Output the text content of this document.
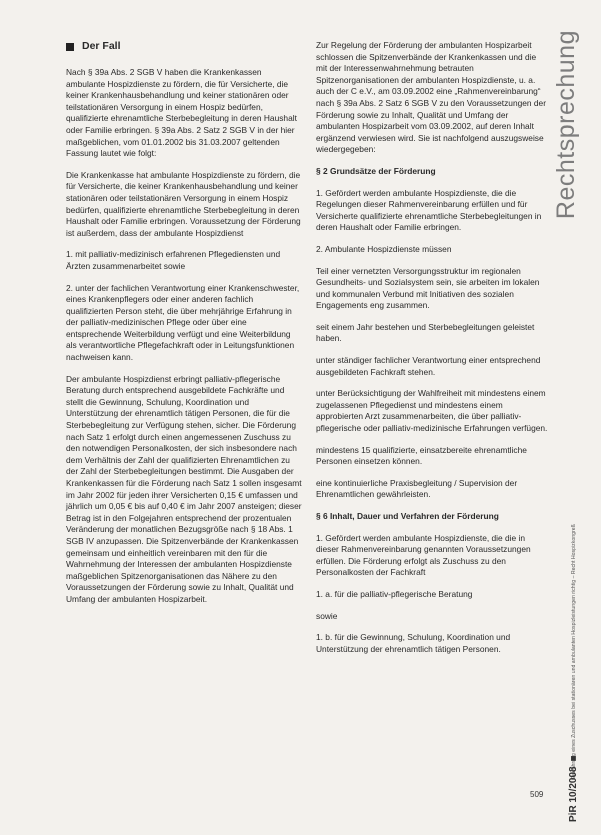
Der Fall

Nach § 39a Abs. 2 SGB V haben die Krankenkassen ambulante Hospizdienste zu fördern, die für Versicherte, die keiner Krankenhausbehandlung und keiner stationären oder teilstationären Versorgung in einem Hospiz bedürfen, qualifizierte ehrenamtliche Sterbebegleitung in deren Haushalt oder Familie erbringen. § 39a Abs. 2 Satz 2 SGB V in der hier maßgeblichen, vom 01.01.2002 bis 31.03.2007 geltenden Fassung lautet wie folgt:

Die Krankenkasse hat ambulante Hospizdienste zu fördern, die für Versicherte, die keiner Krankenhausbehandlung und keiner stationären oder teilstationären Versorgung in einem Hospiz bedürfen, qualifizierte ehrenamtliche Sterbebegleitung in deren Haushalt oder Familie erbringen. Voraussetzung der Förderung ist außerdem, dass der ambulante Hospizdienst

1. mit palliativ-medizinisch erfahrenen Pflegediensten und Ärzten zusammenarbeitet sowie

2. unter der fachlichen Verantwortung einer Krankenschwester, eines Krankenpflegers oder einer anderen fachlich qualifizierten Person steht, die über mehrjährige Erfahrung in der palliativ-medizinischen Pflege oder über eine entsprechende Weiterbildung verfügt und eine Weiterbildung als verantwortliche Pflegefachkraft oder in Leitungsfunktionen nachweisen kann.

Der ambulante Hospizdienst erbringt palliativ-pflegerische Beratung durch entsprechend ausgebildete Fachkräfte und stellt die Gewinnung, Schulung, Koordination und Unterstützung der ehrenamtlich tätigen Personen, die für die Sterbebegleitung zur Verfügung stehen, sicher. Die Förderung nach Satz 1 erfolgt durch einen angemessenen Zuschuss zu den notwendigen Personalkosten, der sich insbesondere nach dem Verhältnis der Zahl der qualifizierten Ehrenamtlichen zu der Zahl der Sterbebegleitungen bestimmt. Die Ausgaben der Krankenkassen für die Förderung nach Satz 1 sollen insgesamt im Jahr 2002 für jeden ihrer Versicherten 0,15 € umfassen und jährlich um 0,05 € bis auf 0,40 € im Jahr 2007 ansteigen; dieser Betrag ist in den Folgejahren entsprechend der prozentualen Veränderung der monatlichen Bezugsgröße nach § 18 Abs. 1 SGB IV anzupassen. Die Spitzenverbände der Krankenkassen gemeinsam und einheitlich vereinbaren mit den für die Wahrnehmung der Interessen der ambulanten Hospizdienste maßgeblichen Spitzenorganisationen das Nähere zu den Voraussetzungen der Förderung sowie zu Inhalt, Qualität und Umfang der ambulanten Hospizarbeit.

Zur Regelung der Förderung der ambulanten Hospizarbeit schlossen die Spitzenverbände der Krankenkassen und die mit der Interessenwahrnehmung betrauten Spitzenorganisationen der ambulanten Hospizdienste, u. a. auch der C e.V., am 03.09.2002 eine „Rahmenvereinbarung“ nach § 39a Abs. 2 Satz 6 SGB V zu den Voraussetzungen der Förderung sowie zu Inhalt, Qualität und Umfang der ambulanten Hospizarbeit vom 03.09.2002, auf deren Inhalt ergänzend verwiesen wird. Sie ist nachfolgend auszugsweise wiedergegeben:

§ 2 Grundsätze der Förderung

1. Gefördert werden ambulante Hospizdienste, die die Regelungen dieser Rahmenvereinbarung erfüllen und für Versicherte qualifizierte ehrenamtliche Sterbebegleitungen in deren Haushalt oder Familie erbringen.

2. Ambulante Hospizdienste müssen

Teil einer vernetzten Versorgungsstruktur im regionalen Gesundheits- und Sozialsystem sein, sie arbeiten im lokalen und kommunalen Verbund mit Initiativen des sozialen Engagements eng zusammen.

seit einem Jahr bestehen und Sterbebegleitungen geleistet haben.

unter ständiger fachlicher Verantwortung einer entsprechend ausgebildeten Fachkraft stehen.

unter Berücksichtigung der Wahlfreiheit mit mindestens einem zugelassenen Pflegedienst und mindestens einem approbierten Arzt zusammenarbeiten, die über palliativ-pflegerische oder palliativ-medizinische Erfahrungen verfügen.

mindestens 15 qualifizierte, einsatzbereite ehrenamtliche Personen einsetzen können.

eine kontinuierliche Praxisbegleitung / Supervision der Ehrenamtlichen gewährleisten.

§ 6 Inhalt, Dauer und Verfahren der Förderung

1. Gefördert werden ambulante Hospizdienste, die die in dieser Rahmenvereinbarung genannten Voraussetzungen erfüllen. Die Förderung erfolgt als Zuschuss zu den Personalkosten der Fachkraft

1. a. für die palliativ-pflegerische Beratung

sowie

1. b. für die Gewinnung, Schulung, Koordination und Unterstützung der ehrenamtlich tätigen Personen.

Rechtsprechung
Gewährung eines Zuschusses bei stationären und ambulanten Hospizleistungen richtig – Recht Hospizkongreß
PiR 10/2008 ■
509
